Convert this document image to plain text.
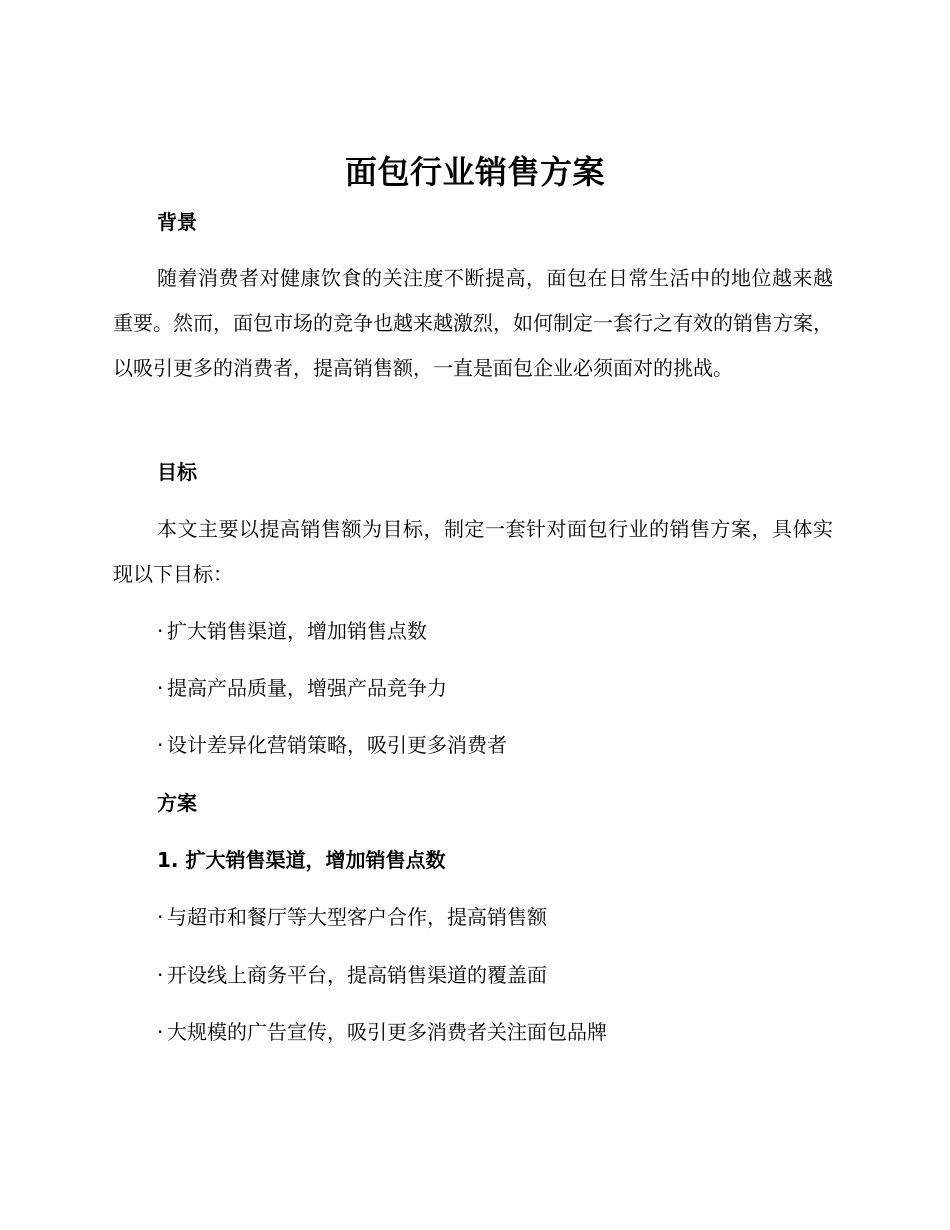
面包行业销售方案
背景
随着消费者对健康饮食的关注度不断提高，面包在日常生活中的地位越来越重要。然而，面包市场的竞争也越来越激烈，如何制定一套行之有效的销售方案，以吸引更多的消费者，提高销售额，一直是面包企业必须面对的挑战。
目标
本文主要以提高销售额为目标，制定一套针对面包行业的销售方案，具体实现以下目标：
· 扩大销售渠道，增加销售点数
· 提高产品质量，增强产品竞争力
· 设计差异化营销策略，吸引更多消费者
方案
1. 扩大销售渠道，增加销售点数
· 与超市和餐厅等大型客户合作，提高销售额
· 开设线上商务平台，提高销售渠道的覆盖面
· 大规模的广告宣传，吸引更多消费者关注面包品牌
